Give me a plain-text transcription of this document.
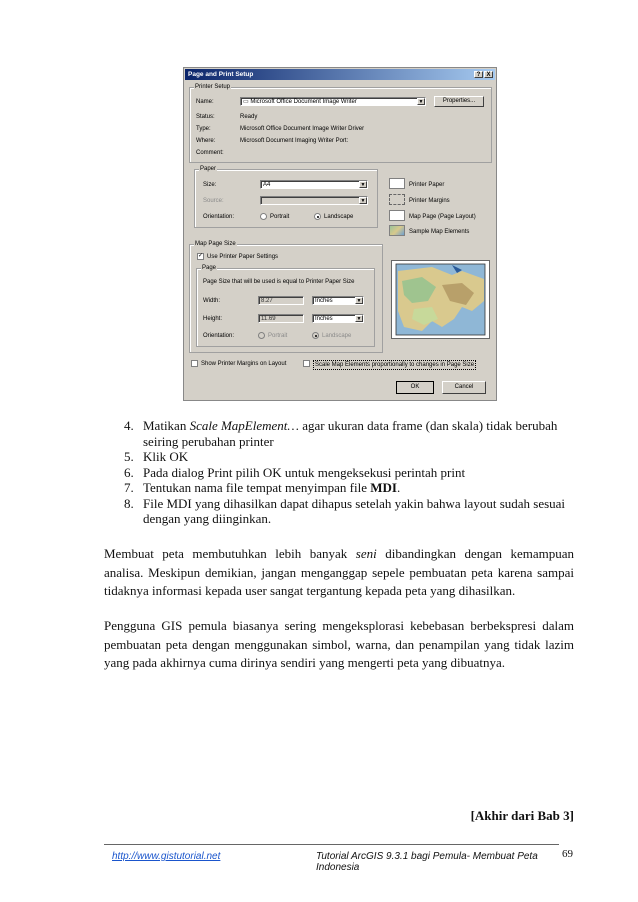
Page and Print Setup	?	X
Printer Setup
Name:	▭ Microsoft Office Document Image Writer	▼	Properties...
Status:	Ready
Type:	Microsoft Office Document Image Writer Driver
Where:	Microsoft Document Imaging Writer Port:
Comment:
Paper
Size:	A4	▼
Source:	▼
Orientation:	Portrait	Landscape
Printer Paper
Printer Margins
Map Page (Page Layout)
Sample Map Elements
Map Page Size
✓ Use Printer Paper Settings
Page
Page Size that will be used is equal to Printer Paper Size
Width:	8.27	Inches	▼
Height:	11.69	Inches	▼
Orientation:	Portrait	Landscape
Show Printer Margins on Layout	Scale Map Elements proportionally to changes in Page Size
OK	Cancel
4. Matikan Scale MapElement… agar ukuran data frame (dan skala) tidak berubah seiring perubahan printer
5. Klik OK
6. Pada dialog Print pilih OK untuk mengeksekusi perintah print
7. Tentukan nama file tempat menyimpan file MDI.
8. File MDI yang dihasilkan dapat dihapus setelah yakin bahwa layout sudah sesuai dengan yang diinginkan.

Membuat peta membutuhkan lebih banyak seni dibandingkan dengan kemampuan analisa. Meskipun demikian, jangan menganggap sepele pembuatan peta karena sampai tidaknya informasi kepada user sangat tergantung kepada peta yang dihasilkan.

Pengguna GIS pemula biasanya sering mengeksplorasi kebebasan berbekspresi dalam pembuatan peta dengan menggunakan simbol, warna, dan penampilan yang tidak lazim yang pada akhirnya cuma dirinya sendiri yang mengerti peta yang dibuatnya.

[Akhir dari Bab 3]
http://www.gistutorial.net	Tutorial ArcGIS 9.3.1 bagi Pemula- Membuat Peta Indonesia
69
